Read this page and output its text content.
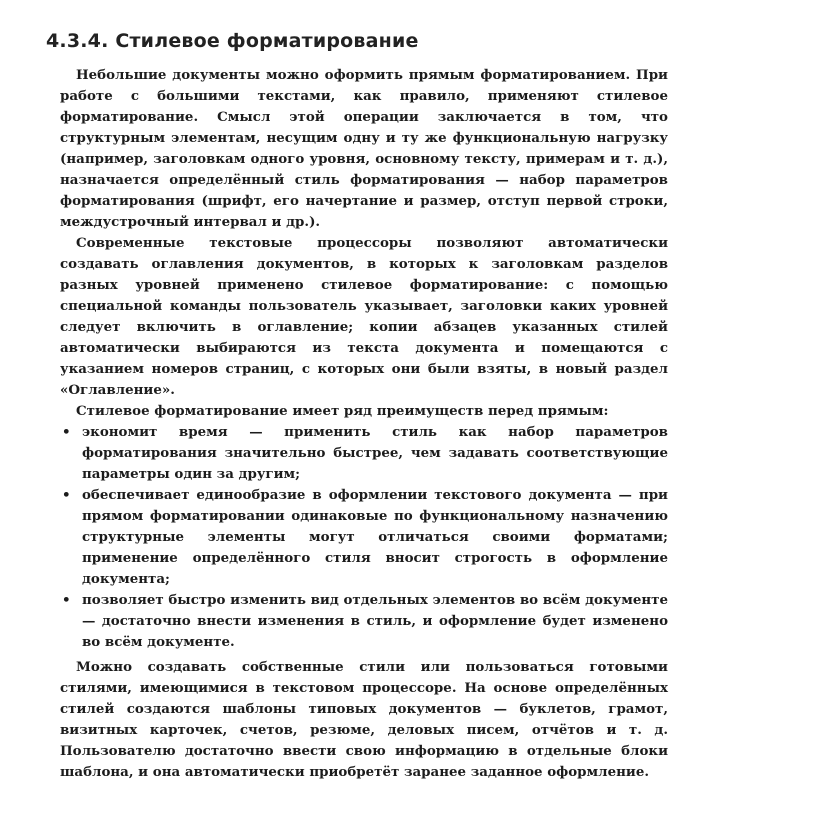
4.3.4. Стилевое форматирование

Небольшие документы можно оформить прямым форматированием. При работе с большими текстами, как правило, применяют стилевое форматирование. Смысл этой операции заключается в том, что структурным элементам, несущим одну и ту же функциональную нагрузку (например, заголовкам одного уровня, основному тексту, примерам и т. д.), назначается определённый стиль форматирования — набор параметров форматирования (шрифт, его начертание и размер, отступ первой строки, междустрочный интервал и др.).

Современные текстовые процессоры позволяют автоматически создавать оглавления документов, в которых к заголовкам разделов разных уровней применено стилевое форматирование: с помощью специальной команды пользователь указывает, заголовки каких уровней следует включить в оглавление; копии абзацев указанных стилей автоматически выбираются из текста документа и помещаются с указанием номеров страниц, с которых они были взяты, в новый раздел «Оглавление».

Стилевое форматирование имеет ряд преимуществ перед прямым:

• экономит время — применить стиль как набор параметров форматирования значительно быстрее, чем задавать соответствующие параметры один за другим;
• обеспечивает единообразие в оформлении текстового документа — при прямом форматировании одинаковые по функциональному назначению структурные элементы могут отличаться своими форматами; применение определённого стиля вносит строгость в оформление документа;
• позволяет быстро изменить вид отдельных элементов во всём документе — достаточно внести изменения в стиль, и оформление будет изменено во всём документе.

Можно создавать собственные стили или пользоваться готовыми стилями, имеющимися в текстовом процессоре. На основе определённых стилей создаются шаблоны типовых документов — буклетов, грамот, визитных карточек, счетов, резюме, деловых писем, отчётов и т. д. Пользователю достаточно ввести свою информацию в отдельные блоки шаблона, и она автоматически приобретёт заранее заданное оформление.
